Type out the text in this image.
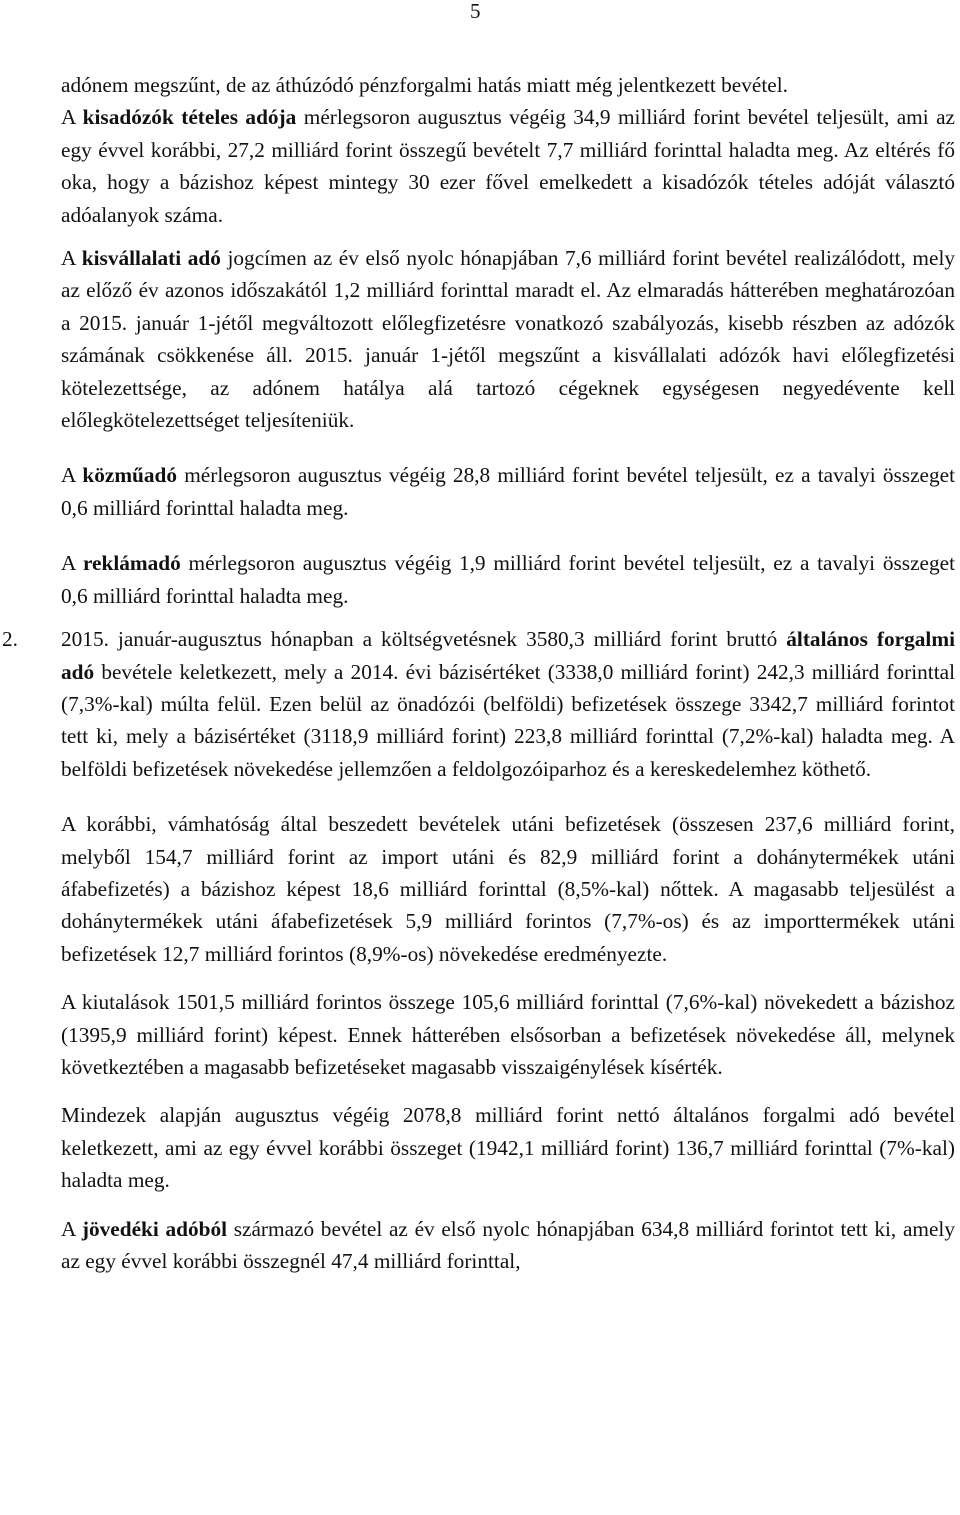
5

adónem megszűnt, de az áthúzódó pénzforgalmi hatás miatt még jelentkezett bevétel.

A kisadózók tételes adója mérlegsoron augusztus végéig 34,9 milliárd forint bevétel teljesült, ami az egy évvel korábbi, 27,2 milliárd forint összegű bevételt 7,7 milliárd forinttal haladta meg. Az eltérés fő oka, hogy a bázishoz képest mintegy 30 ezer fővel emelkedett a kisadózók tételes adóját választó adóalanyok száma.

A kisvállalati adó jogcímen az év első nyolc hónapjában 7,6 milliárd forint bevétel realizálódott, mely az előző év azonos időszakától 1,2 milliárd forinttal maradt el. Az elmaradás hátterében meghatározóan a 2015. január 1-jétől megváltozott előlegfizetésre vonatkozó szabályozás, kisebb részben az adózók számának csökkenése áll. 2015. január 1-jétől megszűnt a kisvállalati adózók havi előlegfizetési kötelezettsége, az adónem hatálya alá tartozó cégeknek egységesen negyedévente kell előlegkötelezettséget teljesíteniük.

A közműadó mérlegsoron augusztus végéig 28,8 milliárd forint bevétel teljesült, ez a tavalyi összeget 0,6 milliárd forinttal haladta meg.

A reklámadó mérlegsoron augusztus végéig 1,9 milliárd forint bevétel teljesült, ez a tavalyi összeget 0,6 milliárd forinttal haladta meg.

2. 2015. január-augusztus hónapban a költségvetésnek 3580,3 milliárd forint bruttó általános forgalmi adó bevétele keletkezett, mely a 2014. évi bázisértéket (3338,0 milliárd forint) 242,3 milliárd forinttal (7,3%-kal) múlta felül. Ezen belül az önadózói (belföldi) befizetések összege 3342,7 milliárd forintot tett ki, mely a bázisértéket (3118,9 milliárd forint) 223,8 milliárd forinttal (7,2%-kal) haladta meg. A belföldi befizetések növekedése jellemzően a feldolgozóiparhoz és a kereskedelemhez köthető.

A korábbi, vámhatóság által beszedett bevételek utáni befizetések (összesen 237,6 milliárd forint, melyből 154,7 milliárd forint az import utáni és 82,9 milliárd forint a dohánytermékek utáni áfabefizetés) a bázishoz képest 18,6 milliárd forinttal (8,5%-kal) nőttek. A magasabb teljesülést a dohánytermékek utáni áfabefizetések 5,9 milliárd forintos (7,7%-os) és az importtermékek utáni befizetések 12,7 milliárd forintos (8,9%-os) növekedése eredményezte.

A kiutalások 1501,5 milliárd forintos összege 105,6 milliárd forinttal (7,6%-kal) növekedett a bázishoz (1395,9 milliárd forint) képest. Ennek hátterében elsősorban a befizetések növekedése áll, melynek következtében a magasabb befizetéseket magasabb visszaigénylések kísérték.

Mindezek alapján augusztus végéig 2078,8 milliárd forint nettó általános forgalmi adó bevétel keletkezett, ami az egy évvel korábbi összeget (1942,1 milliárd forint) 136,7 milliárd forinttal (7%-kal) haladta meg.

A jövedéki adóból származó bevétel az év első nyolc hónapjában 634,8 milliárd forintot tett ki, amely az egy évvel korábbi összegnél 47,4 milliárd forinttal,
